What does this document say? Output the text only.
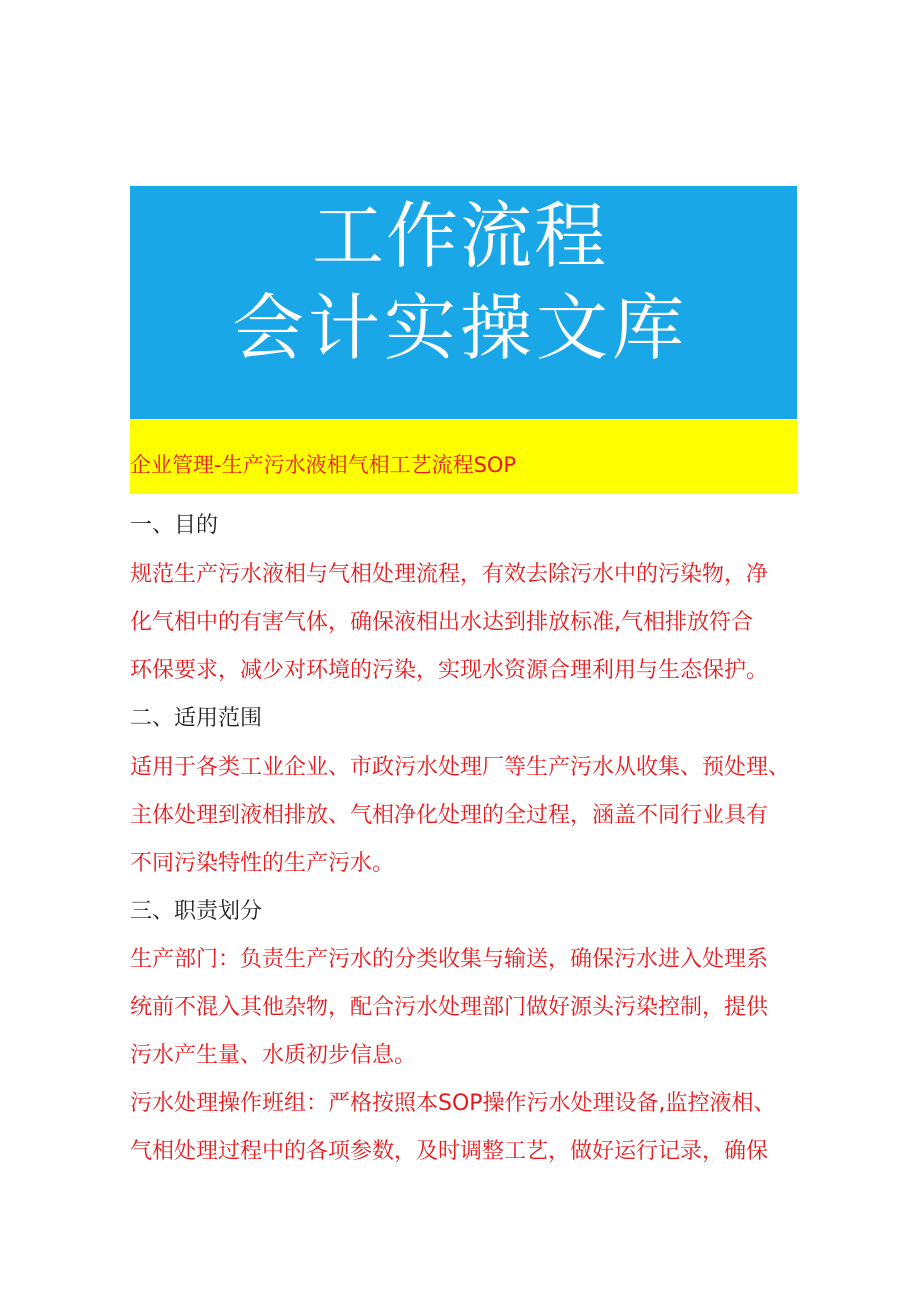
工作流程
会计实操文库
企业管理-生产污水液相气相工艺流程SOP
一、目的
规范生产污水液相与气相处理流程，有效去除污水中的污染物，净
化气相中的有害气体，确保液相出水达到排放标准,气相排放符合
环保要求，减少对环境的污染，实现水资源合理利用与生态保护。
二、适用范围
适用于各类工业企业、市政污水处理厂等生产污水从收集、预处理、
主体处理到液相排放、气相净化处理的全过程，涵盖不同行业具有
不同污染特性的生产污水。
三、职责划分
生产部门：负责生产污水的分类收集与输送，确保污水进入处理系
统前不混入其他杂物，配合污水处理部门做好源头污染控制，提供
污水产生量、水质初步信息。
污水处理操作班组：严格按照本SOP操作污水处理设备,监控液相、
气相处理过程中的各项参数，及时调整工艺，做好运行记录，确保
